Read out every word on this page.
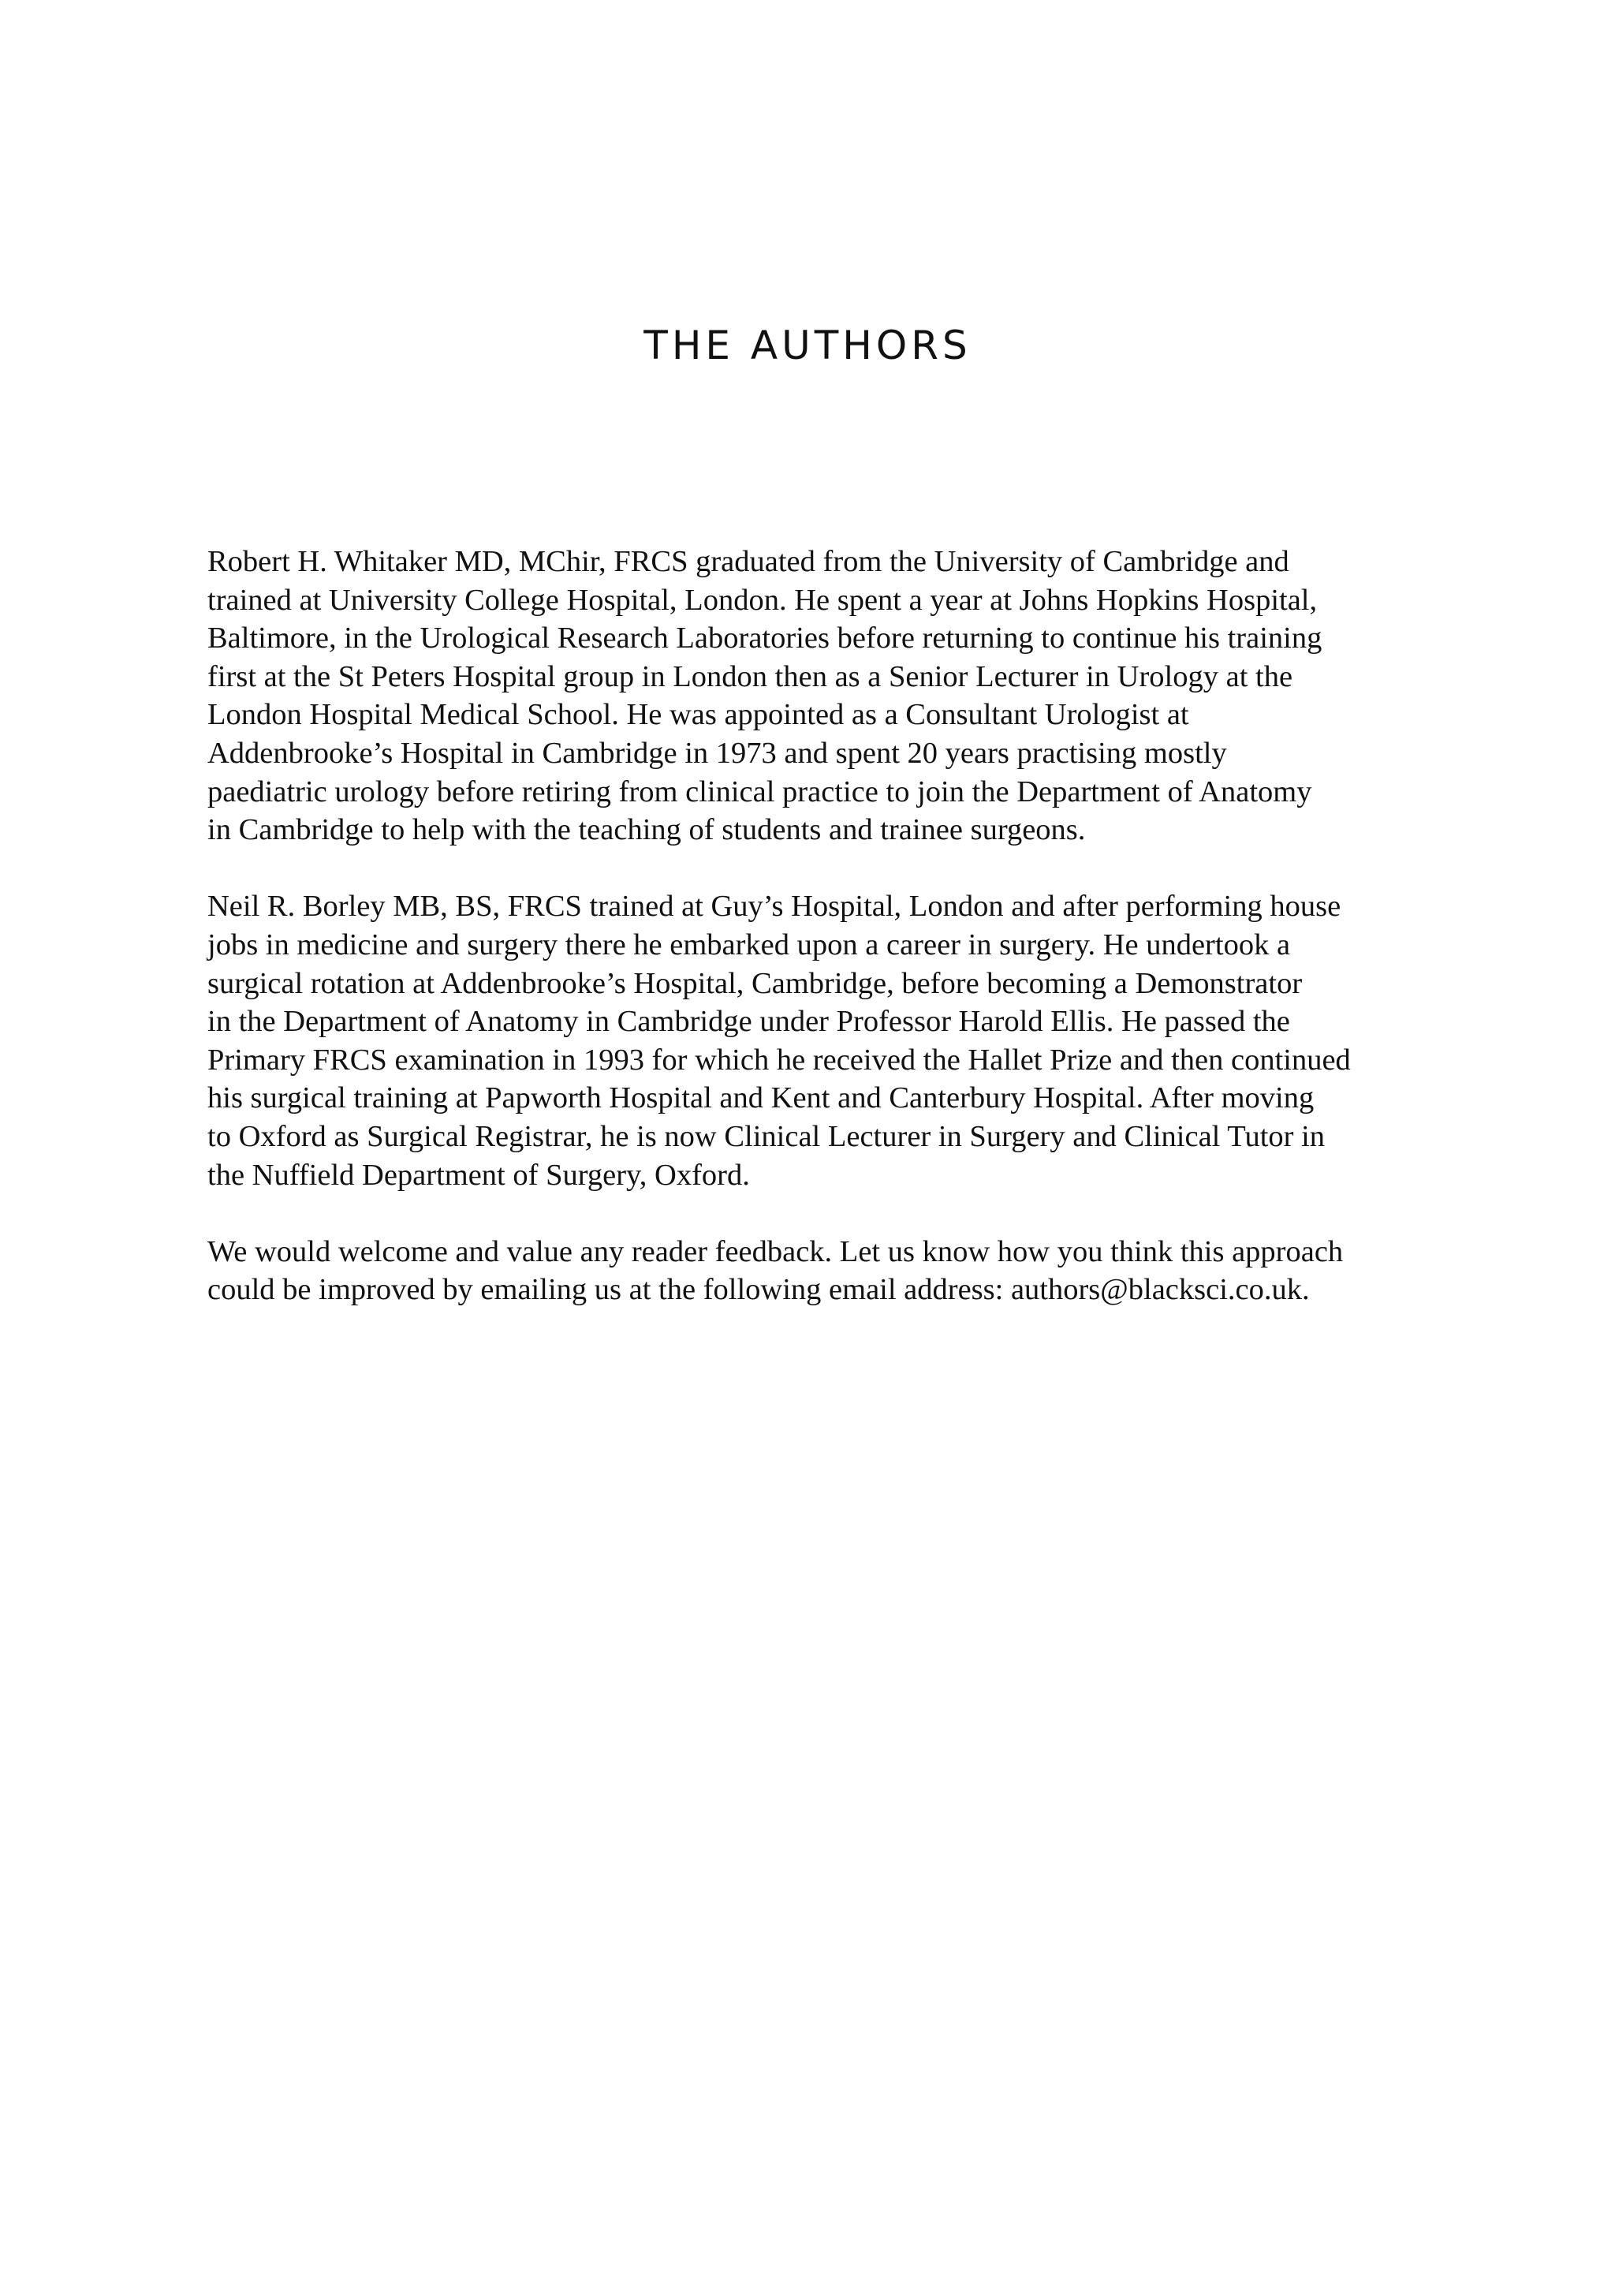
THE AUTHORS

Robert H. Whitaker MD, MChir, FRCS graduated from the University of Cambridge and
trained at University College Hospital, London. He spent a year at Johns Hopkins Hospital,
Baltimore, in the Urological Research Laboratories before returning to continue his training
first at the St Peters Hospital group in London then as a Senior Lecturer in Urology at the
London Hospital Medical School. He was appointed as a Consultant Urologist at
Addenbrooke’s Hospital in Cambridge in 1973 and spent 20 years practising mostly
paediatric urology before retiring from clinical practice to join the Department of Anatomy
in Cambridge to help with the teaching of students and trainee surgeons.

Neil R. Borley MB, BS, FRCS trained at Guy’s Hospital, London and after performing house
jobs in medicine and surgery there he embarked upon a career in surgery. He undertook a
surgical rotation at Addenbrooke’s Hospital, Cambridge, before becoming a Demonstrator
in the Department of Anatomy in Cambridge under Professor Harold Ellis. He passed the
Primary FRCS examination in 1993 for which he received the Hallet Prize and then continued
his surgical training at Papworth Hospital and Kent and Canterbury Hospital. After moving
to Oxford as Surgical Registrar, he is now Clinical Lecturer in Surgery and Clinical Tutor in
the Nuffield Department of Surgery, Oxford.

We would welcome and value any reader feedback. Let us know how you think this approach
could be improved by emailing us at the following email address: authors@blacksci.co.uk.
